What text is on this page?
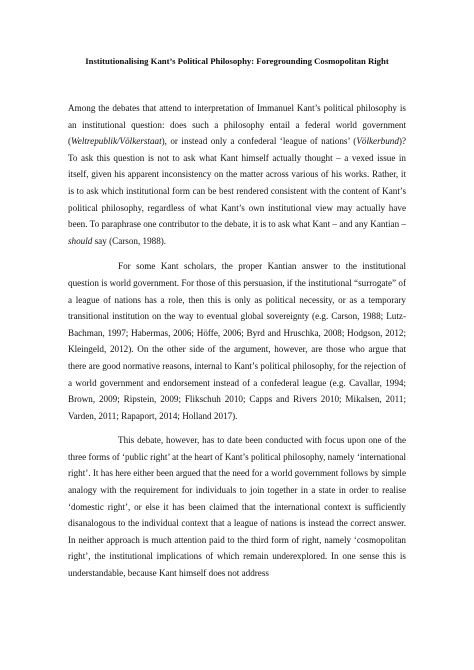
Institutionalising Kant’s Political Philosophy: Foregrounding Cosmopolitan Right

Among the debates that attend to interpretation of Immanuel Kant’s political philosophy is an institutional question: does such a philosophy entail a federal world government (Weltrepublik/Völkerstaat), or instead only a confederal ‘league of nations’ (Völkerbund)? To ask this question is not to ask what Kant himself actually thought – a vexed issue in itself, given his apparent inconsistency on the matter across various of his works. Rather, it is to ask which institutional form can be best rendered consistent with the content of Kant’s political philosophy, regardless of what Kant’s own institutional view may actually have been. To paraphrase one contributor to the debate, it is to ask what Kant – and any Kantian – should say (Carson, 1988).

For some Kant scholars, the proper Kantian answer to the institutional question is world government. For those of this persuasion, if the institutional “surrogate” of a league of nations has a role, then this is only as political necessity, or as a temporary transitional institution on the way to eventual global sovereignty (e.g. Carson, 1988; Lutz-Bachman, 1997; Habermas, 2006; Höffe, 2006; Byrd and Hruschka, 2008; Hodgson, 2012; Kleingeld, 2012). On the other side of the argument, however, are those who argue that there are good normative reasons, internal to Kant’s political philosophy, for the rejection of a world government and endorsement instead of a confederal league (e.g. Cavallar, 1994; Brown, 2009; Ripstein, 2009; Flikschuh 2010; Capps and Rivers 2010; Mikalsen, 2011; Varden, 2011; Rapaport, 2014; Holland 2017).

This debate, however, has to date been conducted with focus upon one of the three forms of ‘public right’ at the heart of Kant’s political philosophy, namely ‘international right’. It has here either been argued that the need for a world government follows by simple analogy with the requirement for individuals to join together in a state in order to realise ‘domestic right’, or else it has been claimed that the international context is sufficiently disanalogous to the individual context that a league of nations is instead the correct answer. In neither approach is much attention paid to the third form of right, namely ‘cosmopolitan right’, the institutional implications of which remain underexplored. In one sense this is understandable, because Kant himself does not address
